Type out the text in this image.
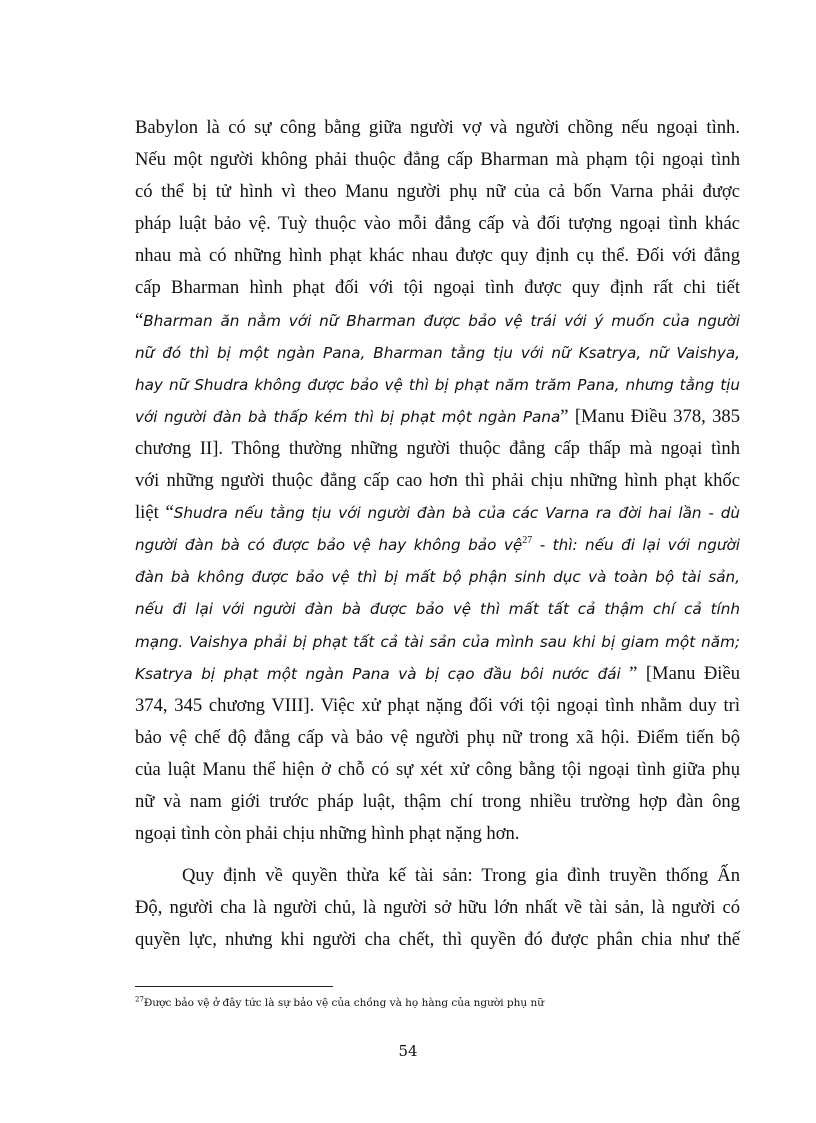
Babylon là có sự công bằng giữa người vợ và người chồng nếu ngoại tình.
Nếu một người không phải thuộc đẳng cấp Bharman mà phạm tội ngoại tình
có thể bị tử hình vì theo Manu người phụ nữ của cả bốn Varna phải được
pháp luật bảo vệ. Tuỳ thuộc vào mỗi đẳng cấp và đối tượng ngoại tình khác
nhau mà có những hình phạt khác nhau được quy định cụ thể. Đối với đẳng
cấp Bharman hình phạt đối với tội ngoại tình được quy định rất chi tiết
“Bharman ăn nằm với nữ Bharman được bảo vệ trái với ý muốn của người
nữ đó thì bị một ngàn Pana, Bharman tằng tịu với nữ Ksatrya, nữ Vaishya,
hay nữ Shudra không được bảo vệ thì bị phạt năm trăm Pana, nhưng tằng tịu
với người đàn bà thấp kém thì bị phạt một ngàn Pana” [Manu Điều 378, 385
chương II]. Thông thường những người thuộc đẳng cấp thấp mà ngoại tình
với những người thuộc đẳng cấp cao hơn thì phải chịu những hình phạt khốc
liệt “Shudra nếu tằng tịu với người đàn bà của các Varna ra đời hai lần - dù
người đàn bà có được bảo vệ hay không bảo vệ$^{27}$ - thì: nếu đi lại với người
đàn bà không được bảo vệ thì bị mất bộ phận sinh dục và toàn bộ tài sản,
nếu đi lại với người đàn bà được bảo vệ thì mất tất cả thậm chí cả tính
mạng. Vaishya phải bị phạt tất cả tài sản của mình sau khi bị giam một năm;
Ksatrya bị phạt một ngàn Pana và bị cạo đầu bôi nước đái ” [Manu Điều
374, 345 chương VIII]. Việc xử phạt nặng đối với tội ngoại tình nhằm duy trì
bảo vệ chế độ đẳng cấp và bảo vệ người phụ nữ trong xã hội. Điểm tiến bộ
của luật Manu thể hiện ở chỗ có sự xét xử công bằng tội ngoại tình giữa phụ
nữ và nam giới trước pháp luật, thậm chí trong nhiều trường hợp đàn ông
ngoại tình còn phải chịu những hình phạt nặng hơn.
Quy định về quyền thừa kế tài sản: Trong gia đình truyền thống Ấn
Độ, người cha là người chủ, là người sở hữu lớn nhất về tài sản, là người có
quyền lực, nhưng khi người cha chết, thì quyền đó được phân chia như thế
$^{27}$Được bảo vệ ở đây tức là sự bảo vệ của chồng và họ hàng của người phụ nữ
54
